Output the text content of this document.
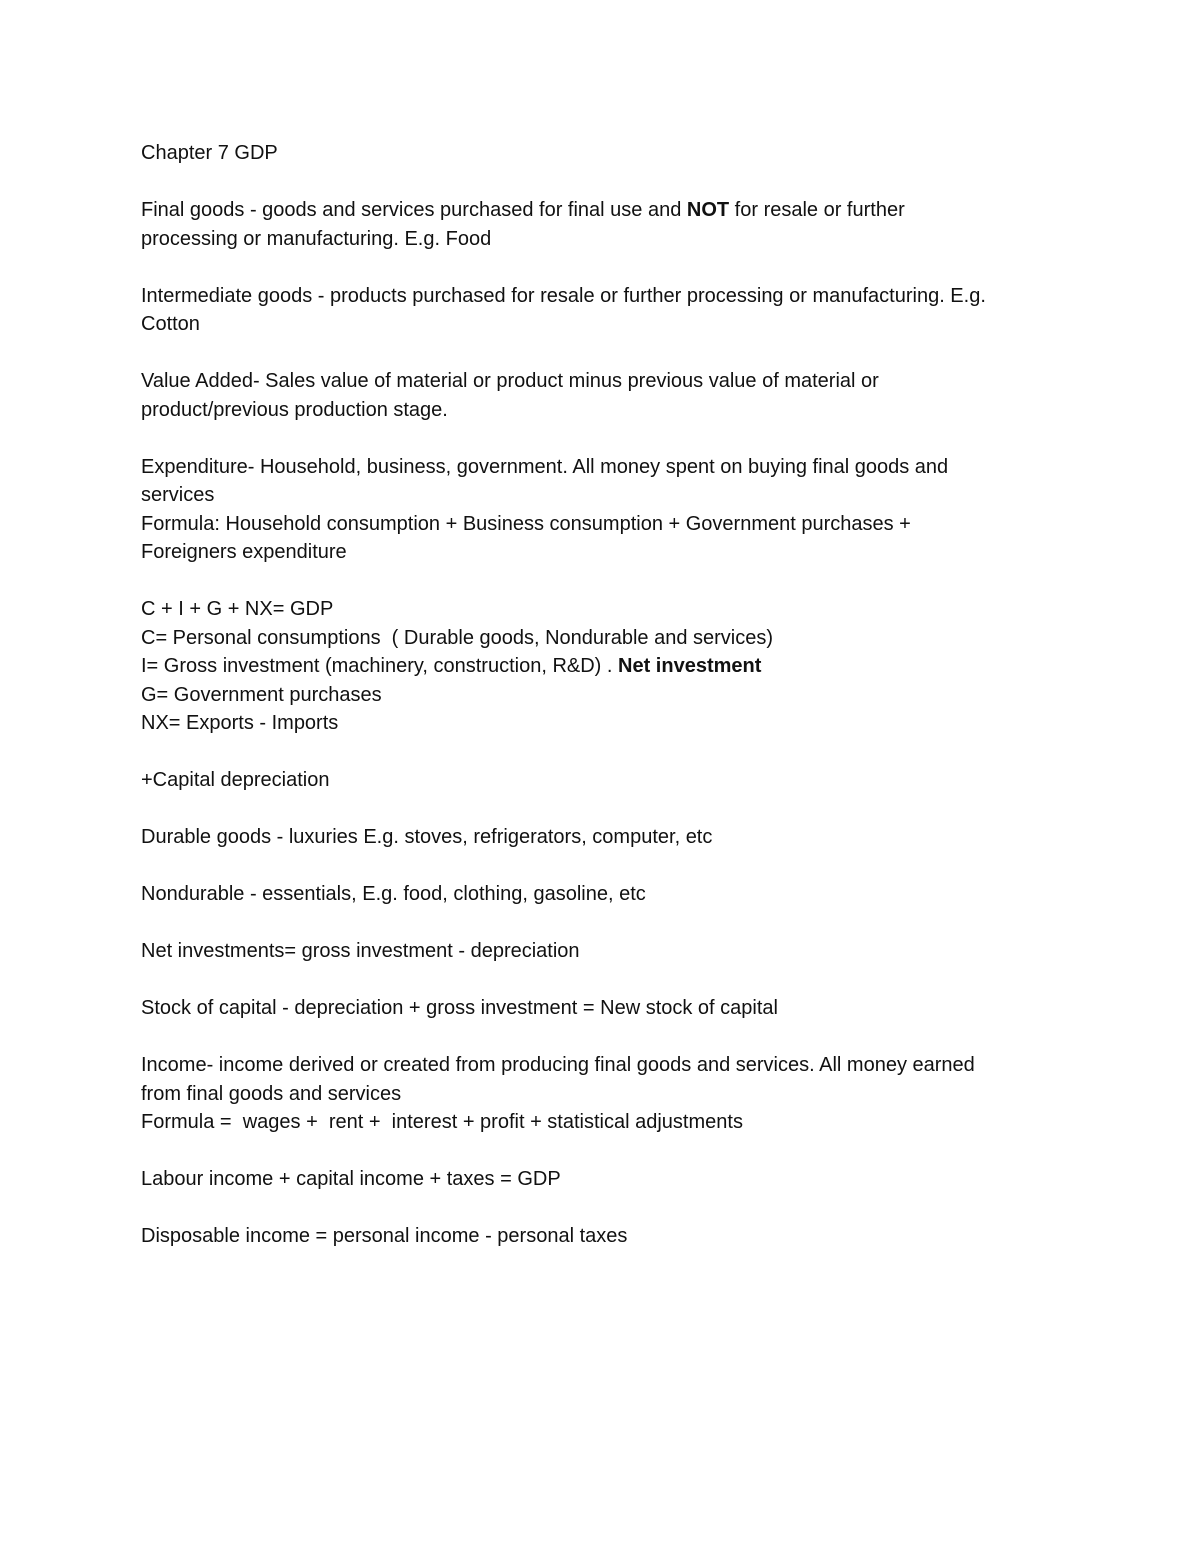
Chapter 7 GDP
Final goods - goods and services purchased for final use and NOT for resale or further
processing or manufacturing. E.g. Food
Intermediate goods - products purchased for resale or further processing or manufacturing. E.g.
Cotton
Value Added- Sales value of material or product minus previous value of material or
product/previous production stage.
Expenditure- Household, business, government. All money spent on buying final goods and
services
Formula: Household consumption + Business consumption + Government purchases +
Foreigners expenditure
C + I + G + NX= GDP
C= Personal consumptions  ( Durable goods, Nondurable and services)
I= Gross investment (machinery, construction, R&D) . Net investment
G= Government purchases
NX= Exports - Imports
+Capital depreciation
Durable goods - luxuries E.g. stoves, refrigerators, computer, etc
Nondurable - essentials, E.g. food, clothing, gasoline, etc
Net investments= gross investment - depreciation
Stock of capital - depreciation + gross investment = New stock of capital
Income- income derived or created from producing final goods and services. All money earned
from final goods and services
Formula =  wages +  rent +  interest + profit + statistical adjustments
Labour income + capital income + taxes = GDP
Disposable income = personal income - personal taxes
